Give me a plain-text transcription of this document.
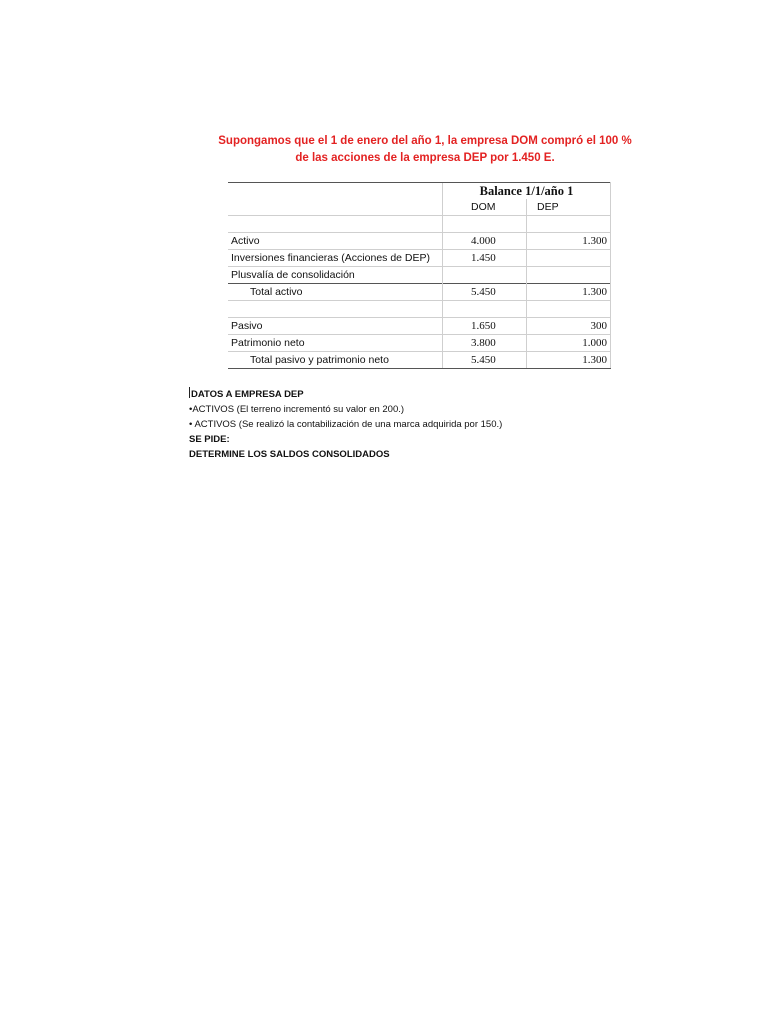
Supongamos que el 1 de enero del año 1, la empresa DOM compró el 100 %
de las acciones de la empresa DEP por 1.450 E.
	Balance 1/1/año 1	
	DOM	DEP

Activo	4.000	1.300
Inversiones financieras (Acciones de DEP)	1.450	
Plusvalía de consolidación		
Total activo	5.450	1.300

Pasivo	1.650	300
Patrimonio neto	3.800	1.000
Total pasivo y patrimonio neto	5.450	1.300
DATOS A EMPRESA DEP
•ACTIVOS (El terreno incrementó su valor en 200.)
• ACTIVOS (Se realizó la contabilización de una marca adquirida por 150.)
SE PIDE:
DETERMINE LOS SALDOS CONSOLIDADOS
